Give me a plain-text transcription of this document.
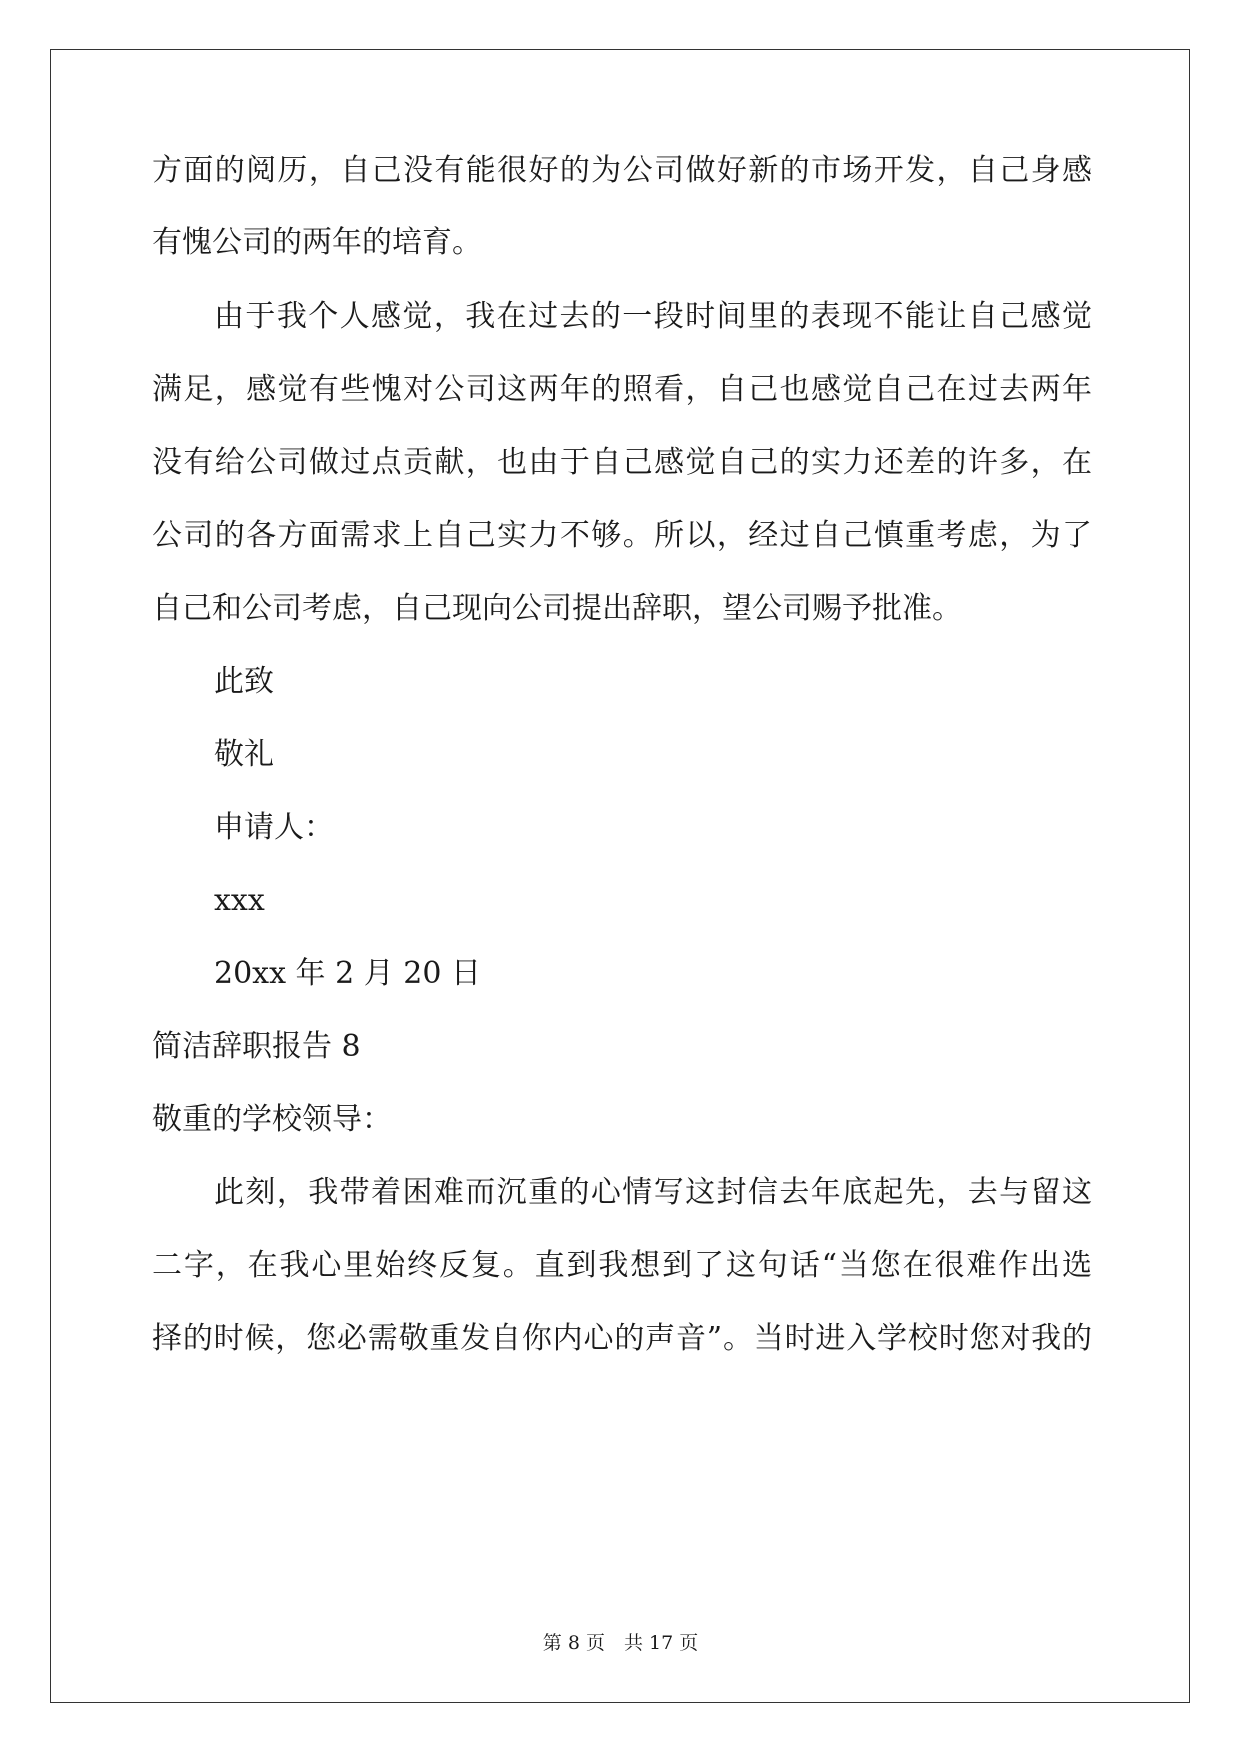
方面的阅历，自己没有能很好的为公司做好新的市场开发，自己身感
有愧公司的两年的培育。
由于我个人感觉，我在过去的一段时间里的表现不能让自己感觉
满足，感觉有些愧对公司这两年的照看，自己也感觉自己在过去两年
没有给公司做过点贡献，也由于自己感觉自己的实力还差的许多，在
公司的各方面需求上自己实力不够。所以，经过自己慎重考虑，为了
自己和公司考虑，自己现向公司提出辞职，望公司赐予批准。
此致
敬礼
申请人：
xxx
20xx 年 2 月 20 日
简洁辞职报告 8
敬重的学校领导：
此刻，我带着困难而沉重的心情写这封信去年底起先，去与留这
二字，在我心里始终反复。直到我想到了这句话“当您在很难作出选
择的时候，您必需敬重发自你内心的声音”。当时进入学校时您对我的
第 8 页　共 17 页
